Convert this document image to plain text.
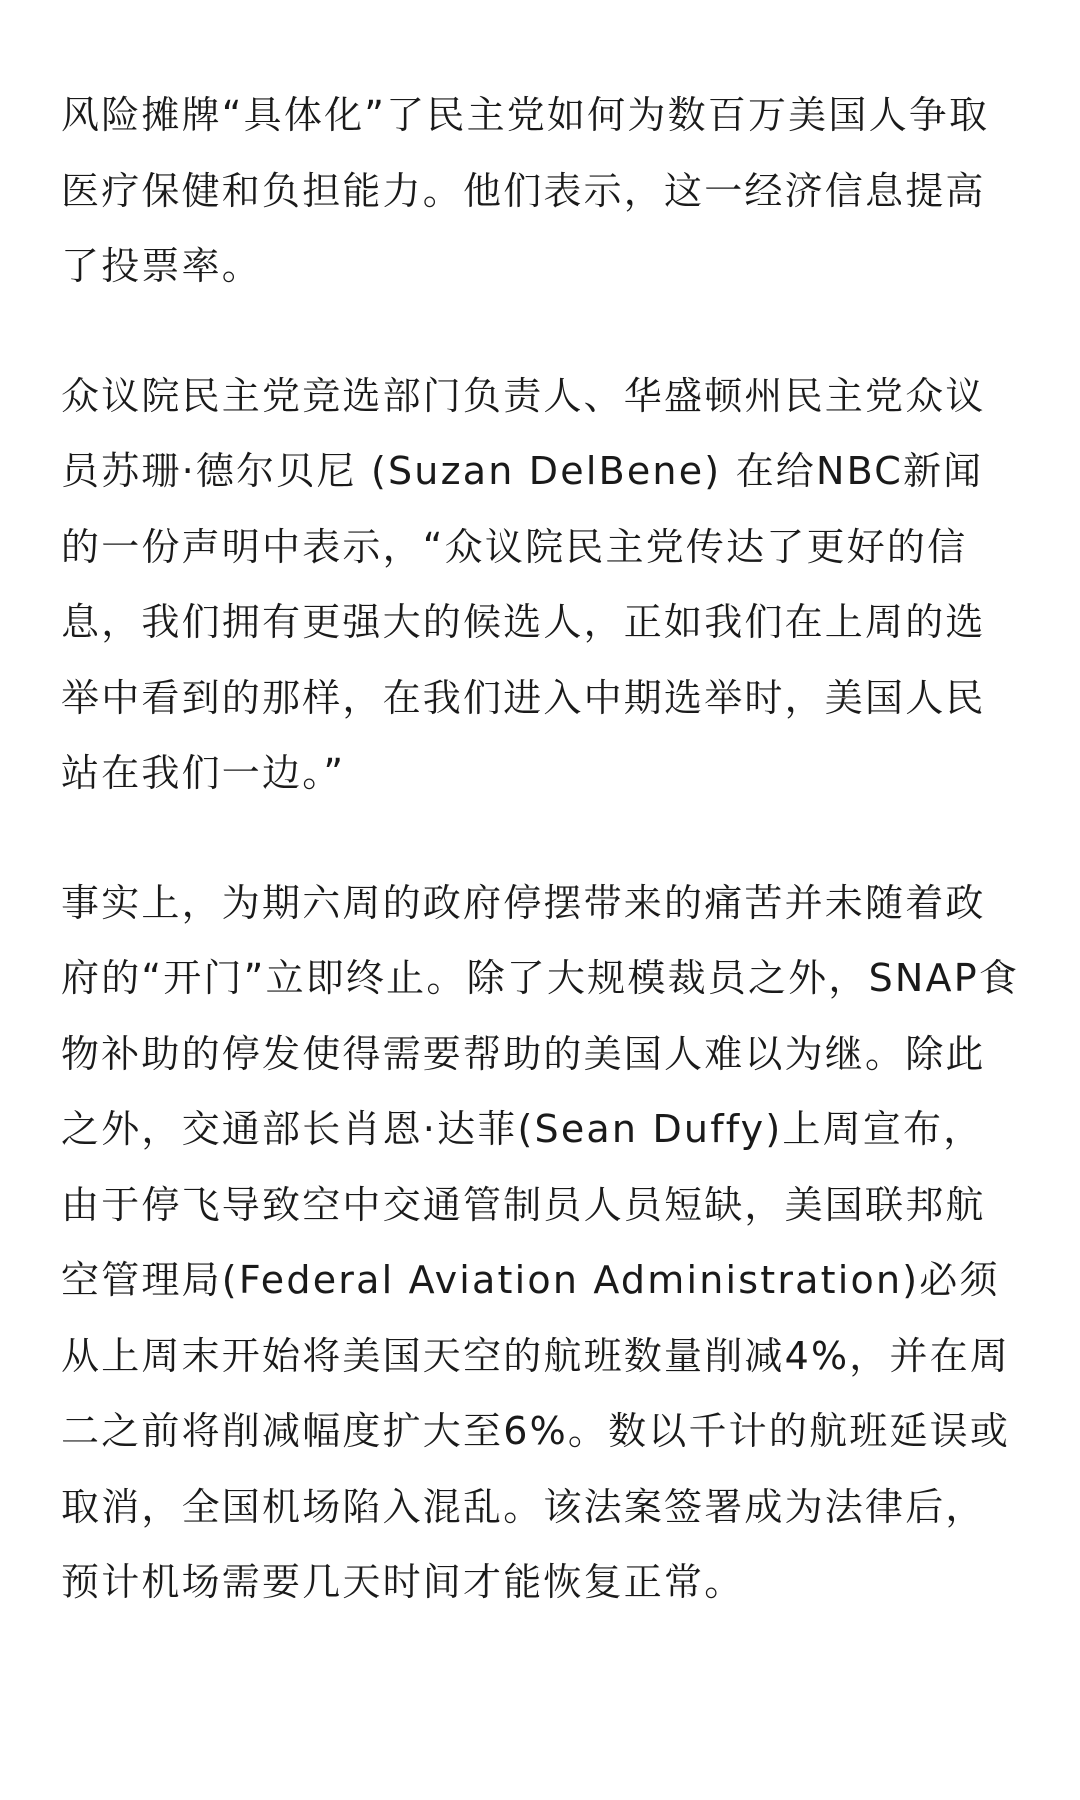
风险摊牌“具体化”了民主党如何为数百万美国人争取医疗保健和负担能力。他们表示，这一经济信息提高了投票率。

众议院民主党竞选部门负责人、华盛顿州民主党众议员苏珊·德尔贝尼 (Suzan DelBene) 在给NBC新闻的一份声明中表示，“众议院民主党传达了更好的信息，我们拥有更强大的候选人，正如我们在上周的选举中看到的那样，在我们进入中期选举时，美国人民站在我们一边。”

事实上，为期六周的政府停摆带来的痛苦并未随着政府的“开门”立即终止。除了大规模裁员之外，SNAP食物补助的停发使得需要帮助的美国人难以为继。除此之外，交通部长肖恩·达菲(Sean Duffy)上周宣布，由于停飞导致空中交通管制员人员短缺，美国联邦航空管理局(Federal Aviation Administration)必须从上周末开始将美国天空的航班数量削减4%，并在周二之前将削减幅度扩大至6%。数以千计的航班延误或取消，全国机场陷入混乱。该法案签署成为法律后，预计机场需要几天时间才能恢复正常。
